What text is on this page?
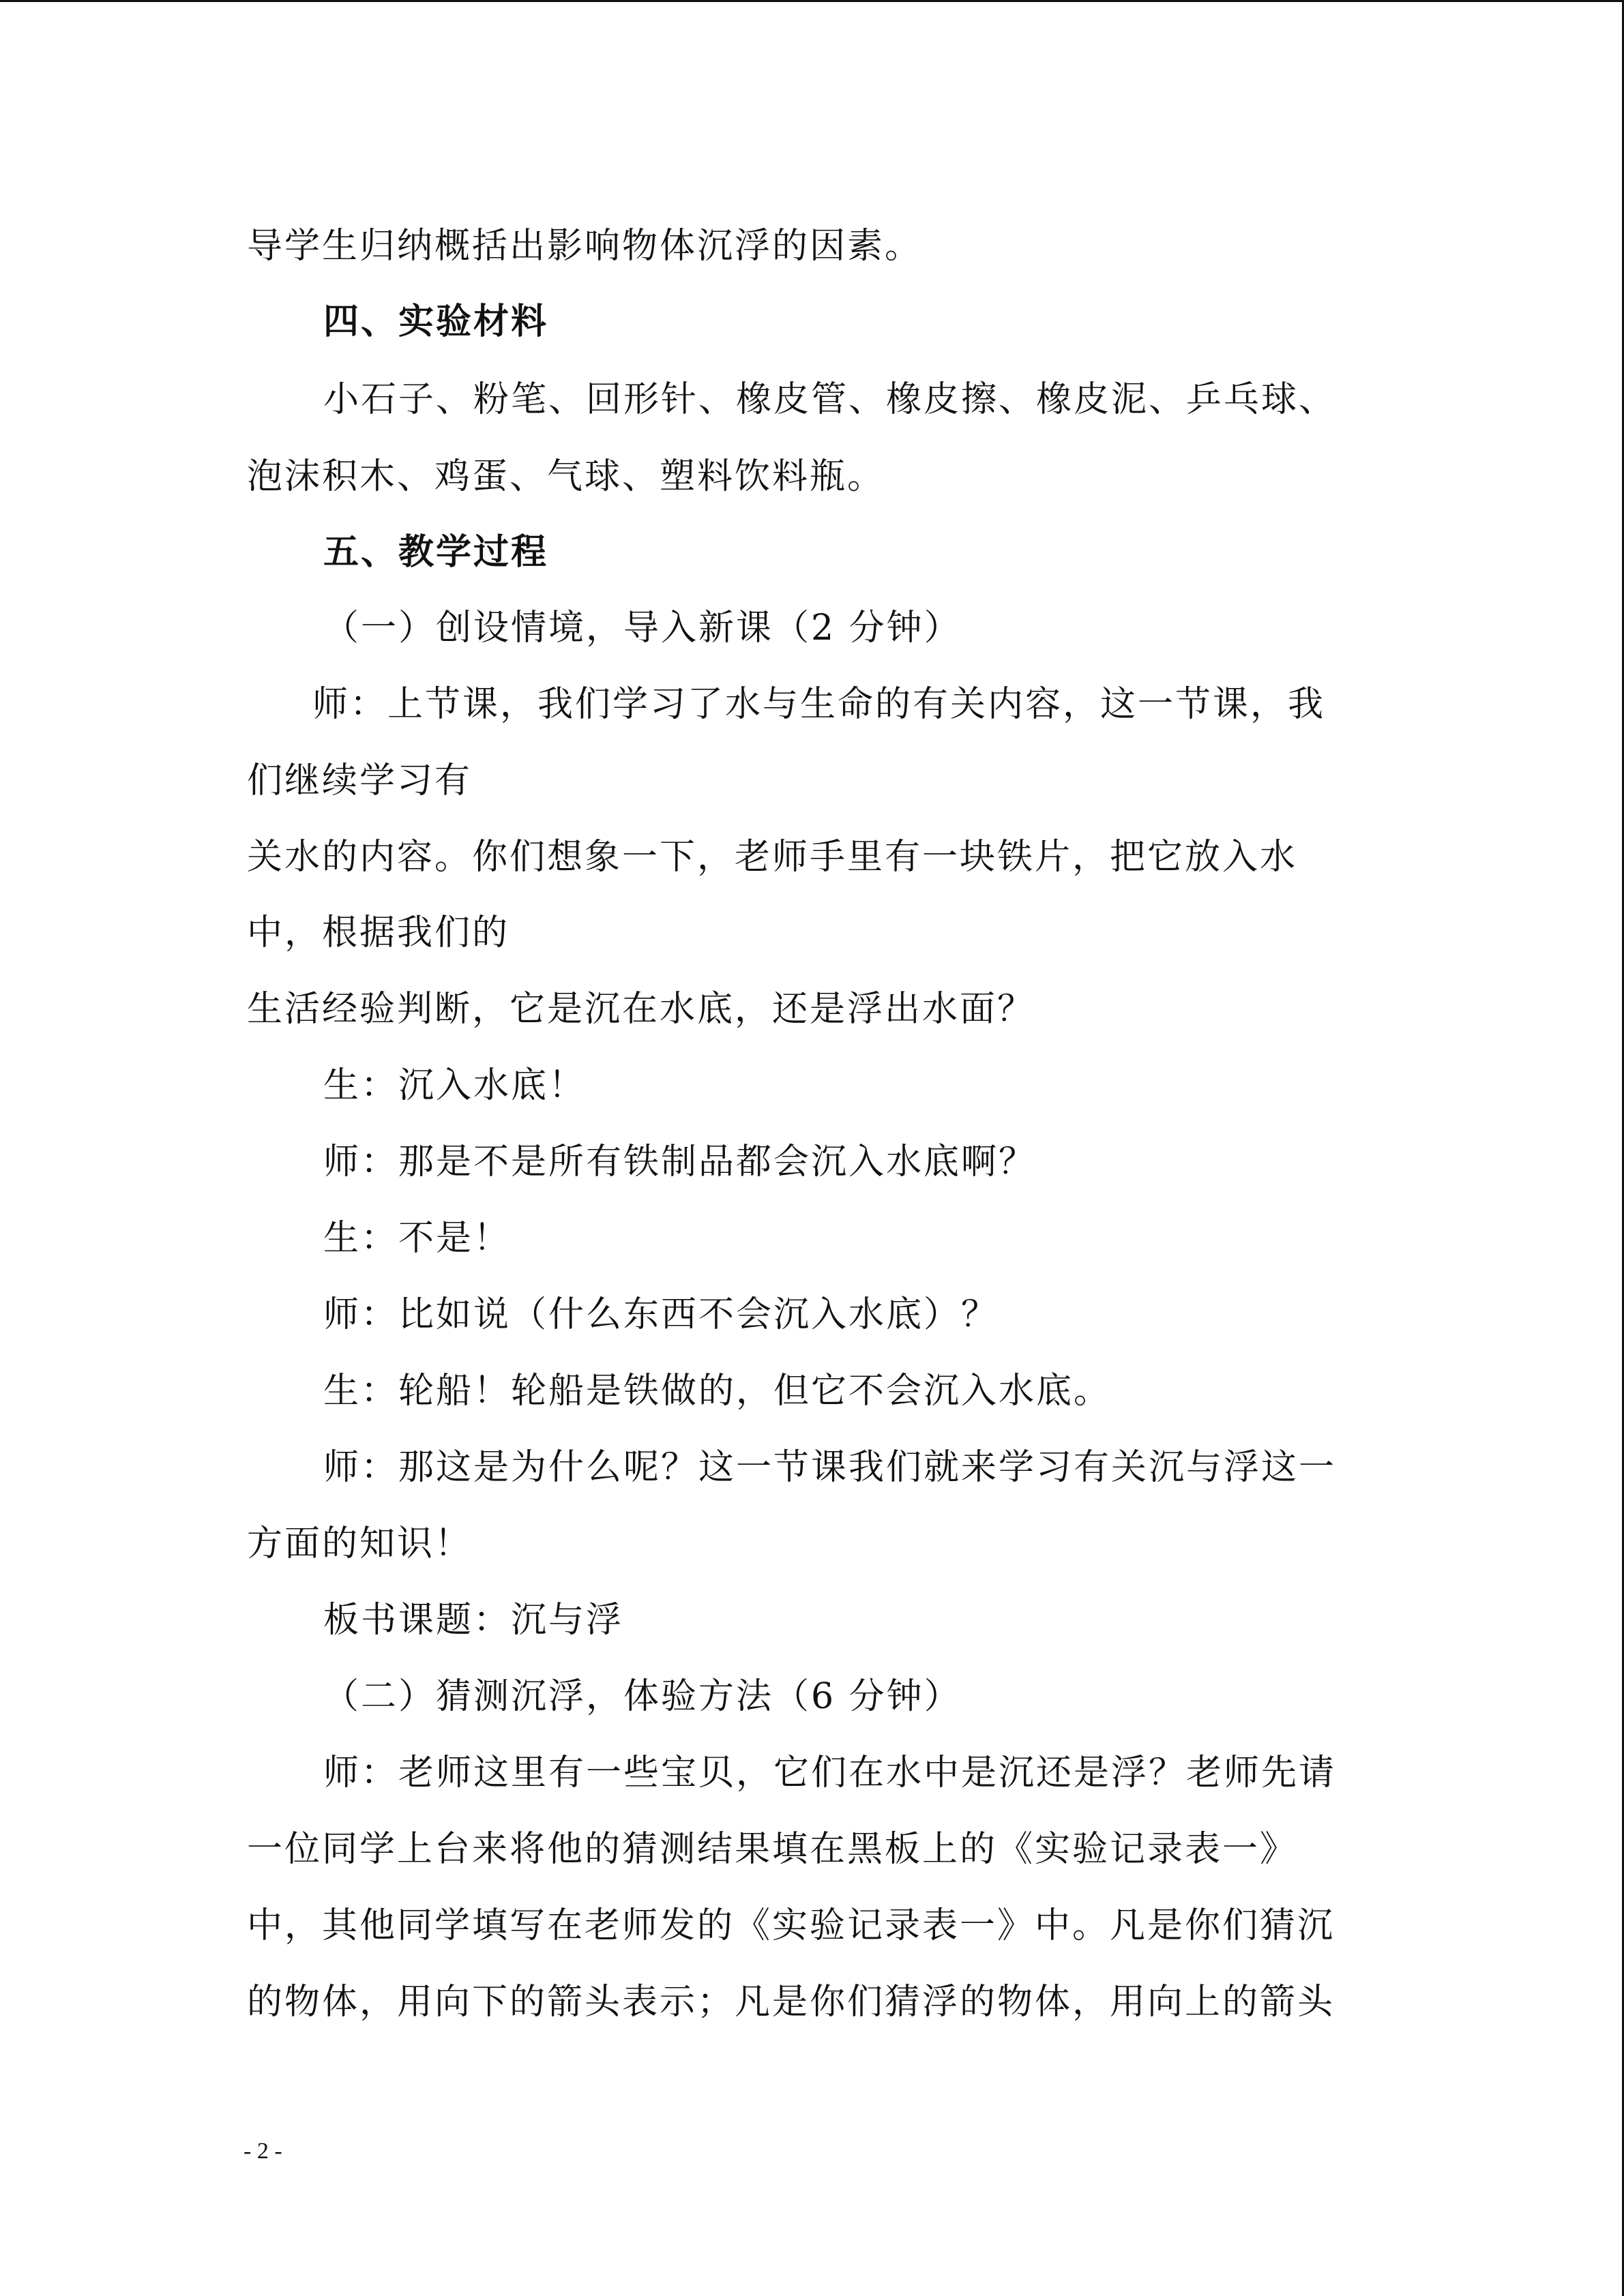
导学生归纳概括出影响物体沉浮的因素。
四、实验材料
小石子、粉笔、回形针、橡皮管、橡皮擦、橡皮泥、乒乓球、
泡沫积木、鸡蛋、气球、塑料饮料瓶。
五、教学过程
（一）创设情境，导入新课（2 分钟）
师：上节课，我们学习了水与生命的有关内容，这一节课，我
们继续学习有
关水的内容。你们想象一下，老师手里有一块铁片，把它放入水
中，根据我们的
生活经验判断，它是沉在水底，还是浮出水面？
生：沉入水底！
师：那是不是所有铁制品都会沉入水底啊？
生：不是！
师：比如说（什么东西不会沉入水底）？
生：轮船！轮船是铁做的，但它不会沉入水底。
师：那这是为什么呢？这一节课我们就来学习有关沉与浮这一
方面的知识！
板书课题：沉与浮
（二）猜测沉浮，体验方法（6 分钟）
师：老师这里有一些宝贝，它们在水中是沉还是浮？老师先请
一位同学上台来将他的猜测结果填在黑板上的《实验记录表一》
中，其他同学填写在老师发的《实验记录表一》中。凡是你们猜沉
的物体，用向下的箭头表示；凡是你们猜浮的物体，用向上的箭头
- 2 -
